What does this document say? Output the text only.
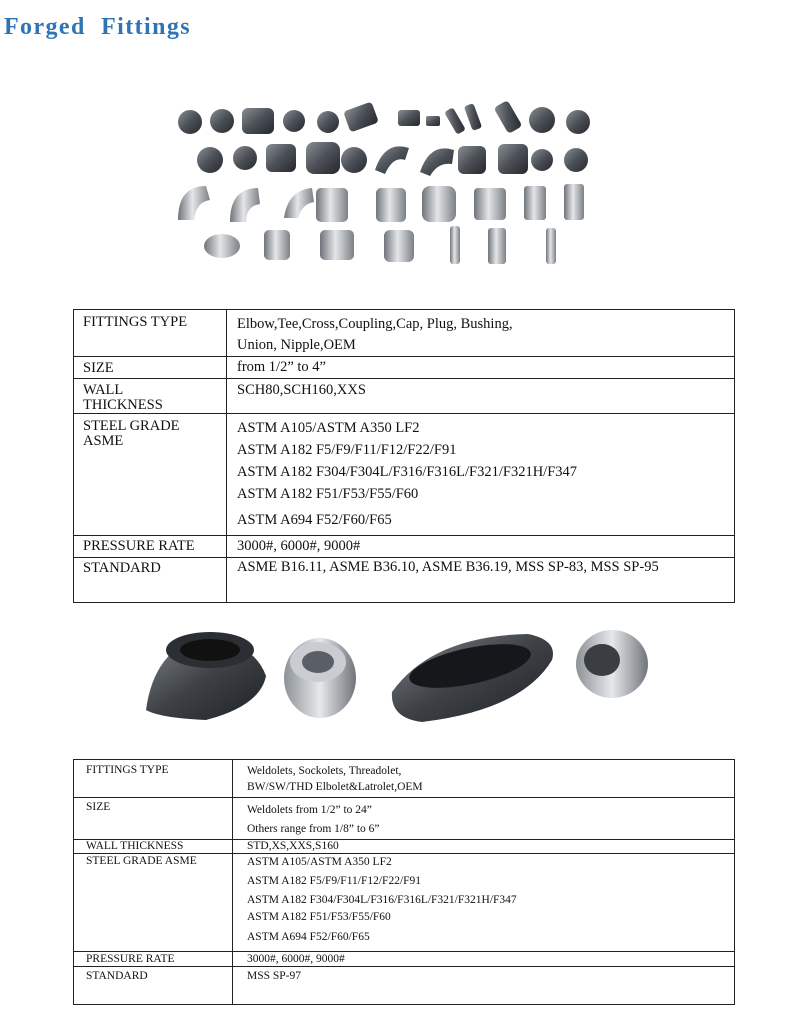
Forged Fittings
FITTINGS TYPE	Elbow,Tee,Cross,Coupling,Cap, Plug, Bushing,
Union, Nipple,OEM

SIZE	from 1/2” to 4”

WALL THICKNESS	SCH80,SCH160,XXS

STEEL GRADE ASME	ASTM A105/ASTM A350 LF2
ASTM A182 F5/F9/F11/F12/F22/F91
ASTM A182 F304/F304L/F316/F316L/F321/F321H/F347
ASTM A182 F51/F53/F55/F60
ASTM A694 F52/F60/F65

PRESSURE RATE	3000#, 6000#, 9000#

STANDARD	ASME B16.11, ASME B36.10, ASME B36.19, MSS SP-83, MSS SP-95
FITTINGS TYPE	Weldolets, Sockolets, Threadolet,
BW/SW/THD Elbolet&Latrolet,OEM

SIZE	Weldolets from 1/2” to 24”
Others range from 1/8” to 6”

WALL THICKNESS	STD,XS,XXS,S160

STEEL GRADE ASME	ASTM A105/ASTM A350 LF2
ASTM A182 F5/F9/F11/F12/F22/F91
ASTM A182 F304/F304L/F316/F316L/F321/F321H/F347
ASTM A182 F51/F53/F55/F60
ASTM A694 F52/F60/F65

PRESSURE RATE	3000#, 6000#, 9000#

STANDARD	MSS SP-97
